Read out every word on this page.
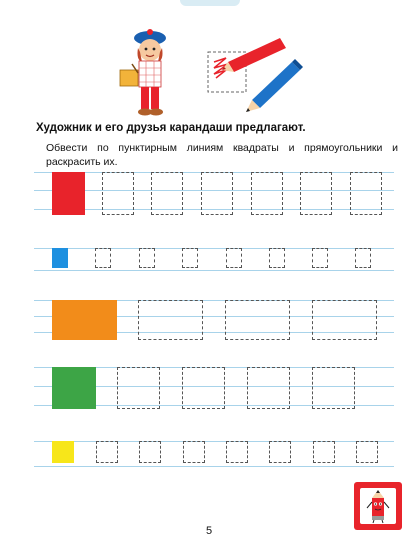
Художник и его друзья карандаши предлагают.
Обвести по пунктирным линиям квадраты и прямоугольники и раскрасить их.
5
